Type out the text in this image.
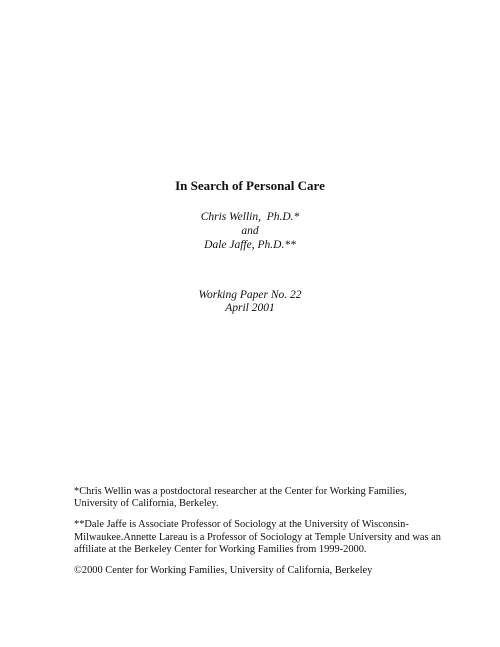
In Search of Personal Care
Chris Wellin,  Ph.D.*
and
Dale Jaffe, Ph.D.**
Working Paper No. 22
April 2001

*Chris Wellin was a postdoctoral researcher at the Center for Working Families,
University of California, Berkeley.

**Dale Jaffe is Associate Professor of Sociology at the University of Wisconsin-
Milwaukee.Annette Lareau is a Professor of Sociology at Temple University and was an
affiliate at the Berkeley Center for Working Families from 1999-2000.

©2000 Center for Working Families, University of California, Berkeley
